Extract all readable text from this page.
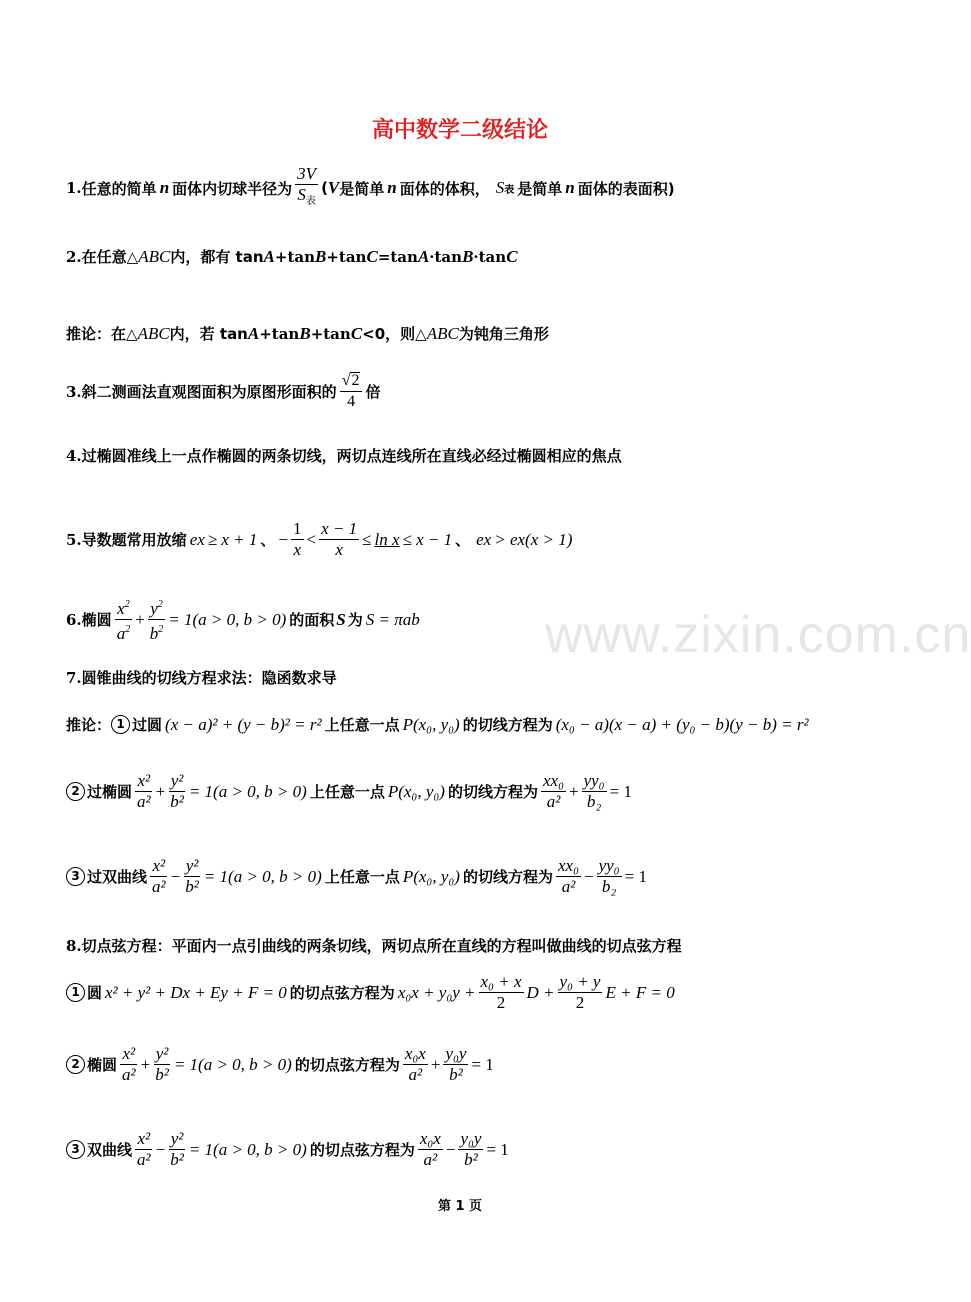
www.zixin.com.cn
高中数学二级结论
1. 任意的简单 n 面体内切球半径为 $\frac{3V}{S_表}$ ( V 是简单 n 面体的体积， S 表 是简单 n 面体的表面积)
2. 在任意△ ABC 内，都有 tan A +tan B +tan C =tan A ·tan B ·tan C
推论： 在△ ABC 内，若 tan A +tan B +tan C <0，则△ ABC 为钝角三角形
3. 斜二测画法直观图面积为原图形面积的 $\frac{√ 2}{4}$ 倍
4. 过椭圆准线上一点作椭圆的两条切线，两切点连线所在直线必经过椭圆相应的焦点
5. 导数题常用放缩 e x ≥ x + 1 、 − $\frac{1}{x} < \frac{x - 1}{x} \le \ln x \le x - 1$ 、 e x > ex(x > 1)
6. 椭圆 $\frac{x^2}{a^2} + \frac{y^2}{b^2} = 1(a > 0$, b > 0) 的面积 S 为 S = πab
7. 圆锥曲线的切线方程求法：隐函数求导
推论： 1 过圆 (x − a)² + (y − b)² = r² 上任意一点 P(x₀, y₀) 的切线方程为 (x₀ − a)(x − a) + (y₀ − b)(y − b) = r²
2 过椭圆 $\frac{\text{x²}}{\text{a²}} + \frac{\text{y²}}{\text{b²}} = 1(a > 0$, b > 0) 上任意一点 P(x₀, y₀) 的切线方程为 $\frac{\text{xx₀}}{\text{a²}} + \frac{\text{yy₀}}{\text{b₂}} = 1$
3 过双曲线 $\frac{\text{x²}}{\text{a²}} - \frac{\text{y²}}{\text{b²}} = 1(a > 0$, b > 0) 上任意一点 P(x₀, y₀) 的切线方程为 $\frac{\text{xx₀}}{\text{a²}} - \frac{\text{yy₀}}{\text{b₂}} = 1$
8. 切点弦方程：平面内一点引曲线的两条切线，两切点所在直线的方程叫做曲线的切点弦方程
1 圆 x² + y² + Dx + Ey + F = 0 的切点弦方程为 $x_0x + y_0y + \frac{\text{x₀ + x}}{2}$ $D + \frac{\text{y₀ + y}}{2}$ E + F = 0
2 椭圆 $\frac{\text{x²}}{\text{a²}} + \frac{\text{y²}}{\text{b²}} = 1(a > 0$, b > 0) 的切点弦方程为 $\frac{\text{x₀x}}{\text{a²}} + \frac{\text{y₀y}}{\text{b²}} = 1$
3 双曲线 $\frac{\text{x²}}{\text{a²}} - \frac{\text{y²}}{\text{b²}} = 1(a > 0$, b > 0) 的切点弦方程为 $\frac{\text{x₀x}}{\text{a²}} - \frac{\text{y₀y}}{\text{b²}} = 1$
第 1 页
